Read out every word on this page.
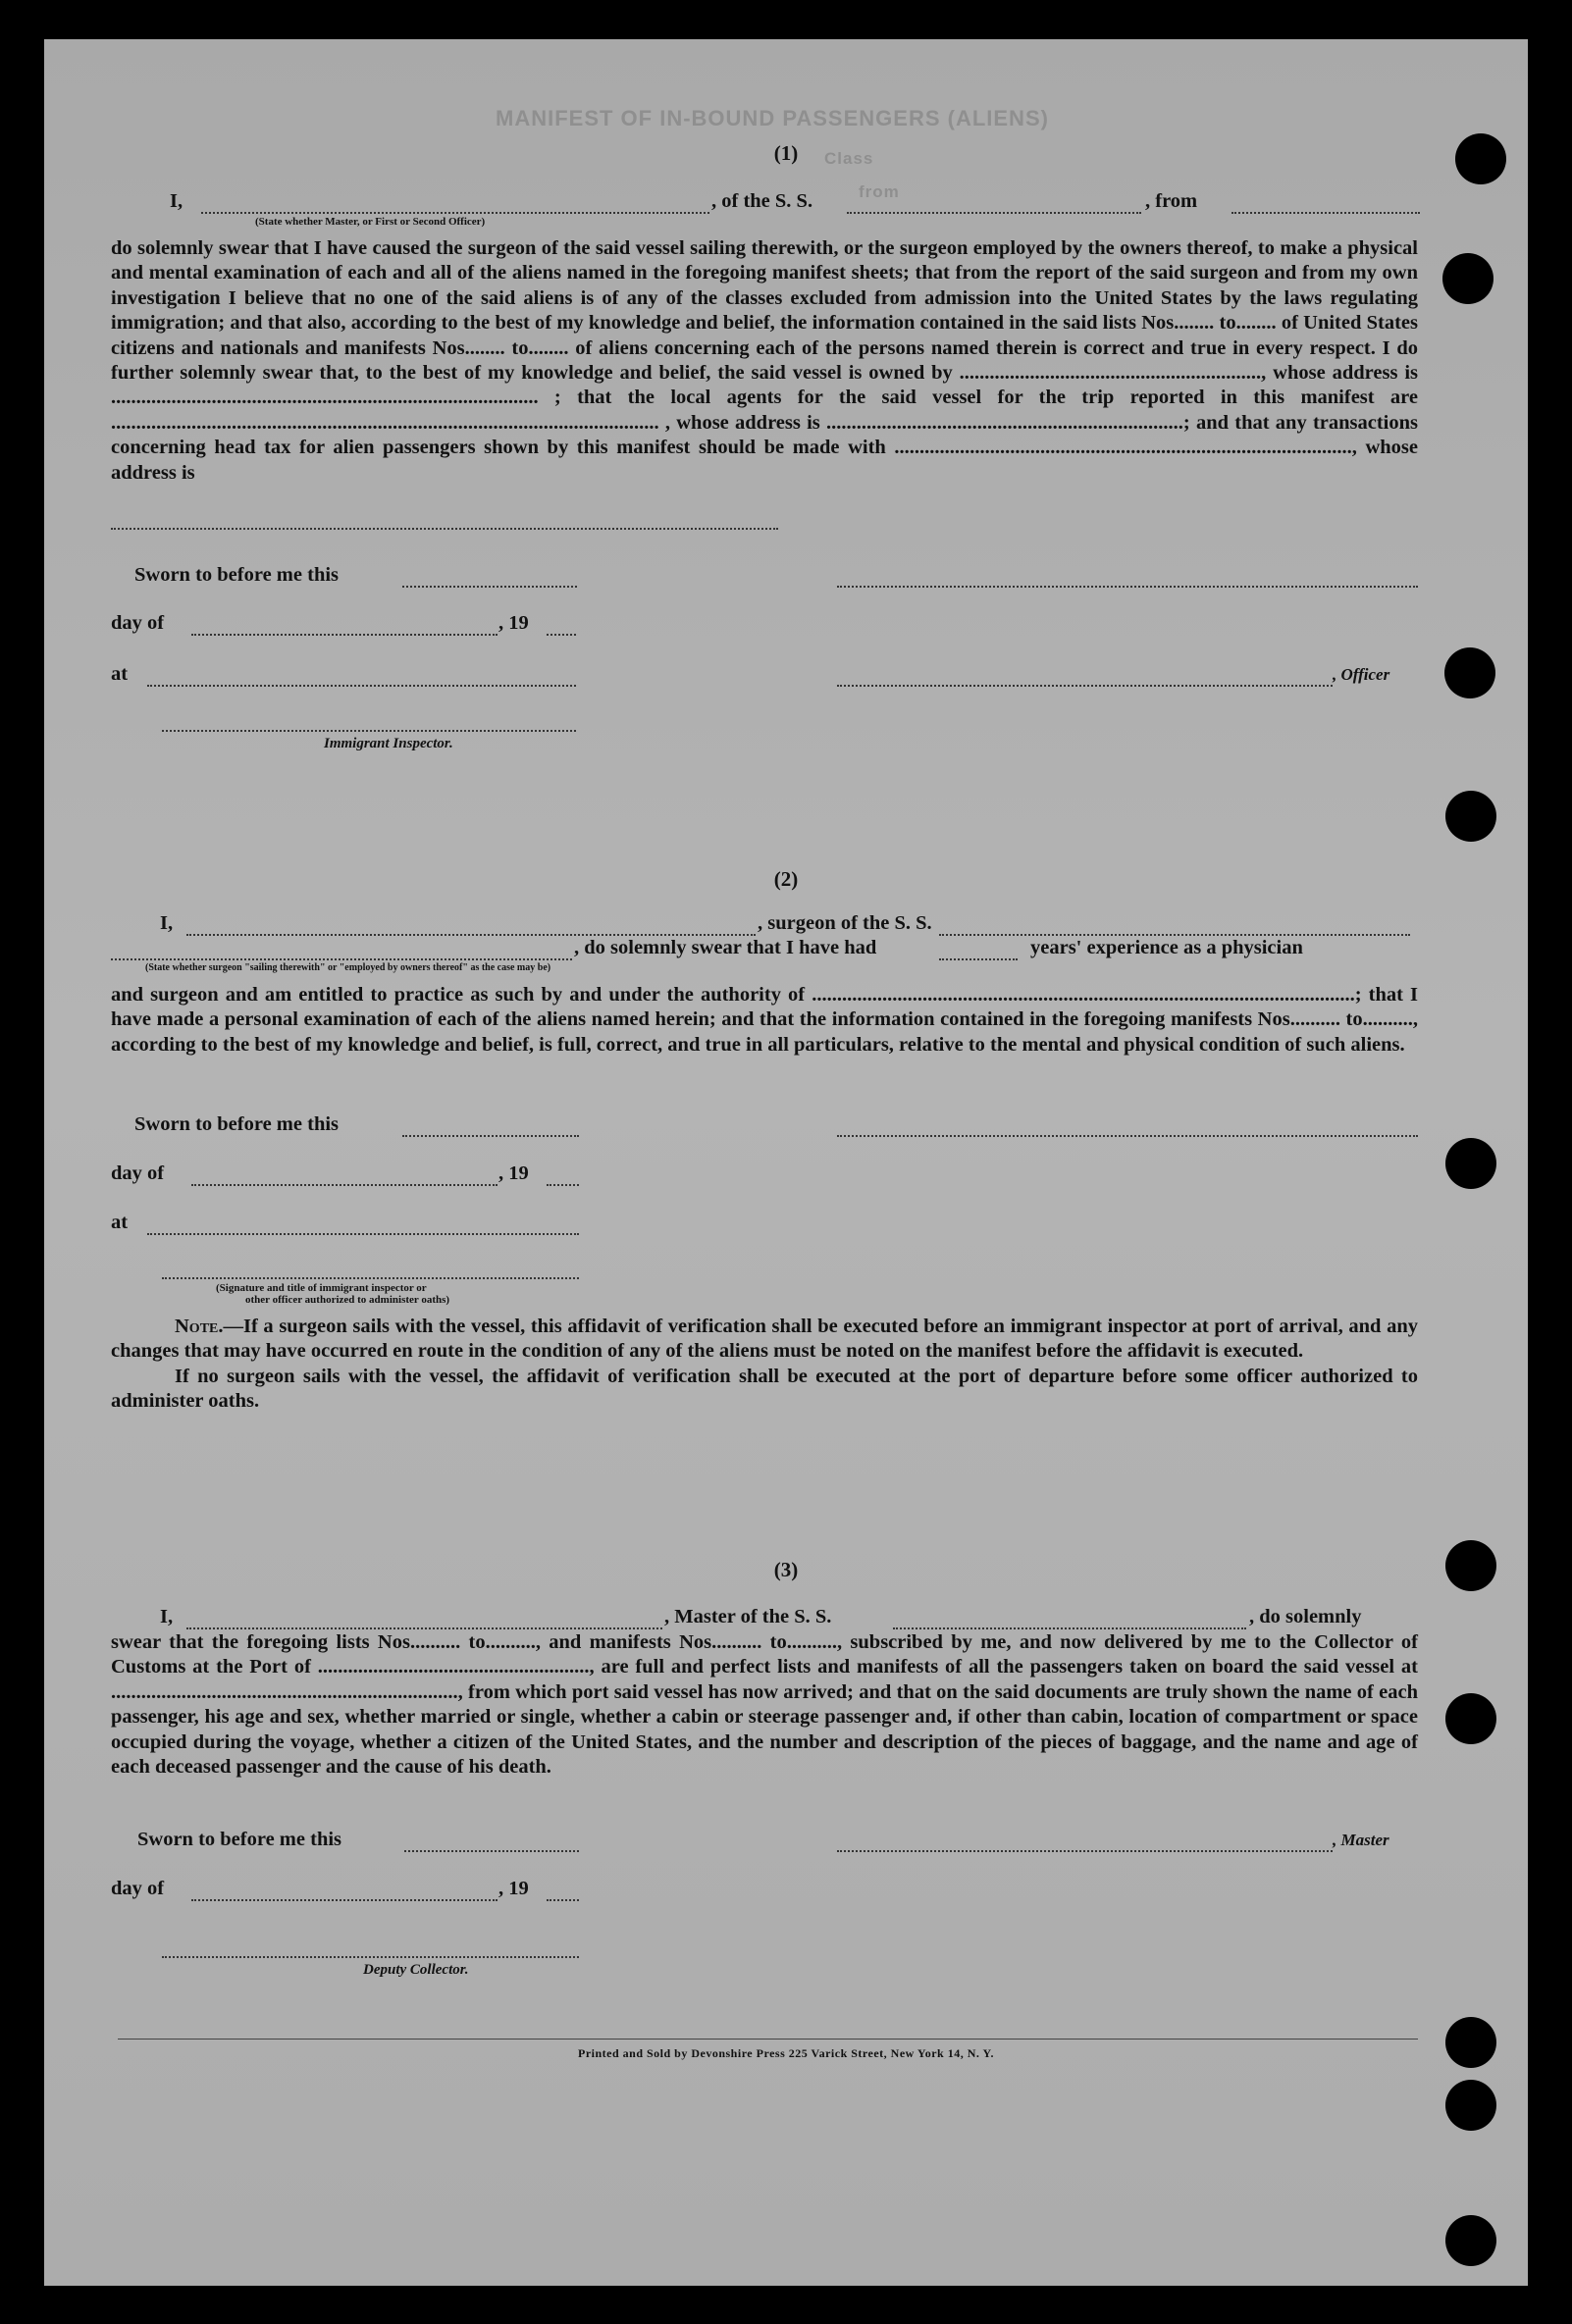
MANIFEST OF IN-BOUND PASSENGERS (ALIENS)
Class
from
(1)
I,	, of the S. S.	, from
(State whether Master, or First or Second Officer)

do solemnly swear that I have caused the surgeon of the said vessel sailing therewith, or the surgeon employed by the owners thereof, to make a physical and mental examination of each and all of the aliens named in the foregoing manifest sheets; that from the report of the said surgeon and from my own investigation I believe that no one of the said aliens is of any of the classes excluded from admission into the United States by the laws regulating immigration; and that also, according to the best of my knowledge and belief, the information contained in the said lists Nos........ to........ of United States citizens and nationals and manifests Nos........ to........ of aliens concerning each of the persons named therein is correct and true in every respect. I do further solemnly swear that, to the best of my knowledge and belief, the said vessel is owned by ............................................................, whose address is ..................................................................................... ; that the local agents for the said vessel for the trip reported in this manifest are ............................................................................................................. , whose address is .......................................................................; and that any transactions concerning head tax for alien passengers shown by this manifest should be made with ..........................................................................................., whose address is

Sworn to before me this
day of	, 19
at	, Officer
Immigrant Inspector.
(2)
I,	, surgeon of the S. S.
, do solemnly swear that I have had	years' experience as a physician
(State whether surgeon "sailing therewith" or "employed by owners thereof" as the case may be)

and surgeon and am entitled to practice as such by and under the authority of ............................................................................................................; that I have made a personal examination of each of the aliens named herein; and that the information contained in the foregoing manifests Nos.......... to.........., according to the best of my knowledge and belief, is full, correct, and true in all particulars, relative to the mental and physical condition of such aliens.

Sworn to before me this
day of	, 19
at
(Signature and title of immigrant inspector or
other officer authorized to administer oaths)

Note.—If a surgeon sails with the vessel, this affidavit of verification shall be executed before an immigrant inspector at port of arrival, and any changes that may have occurred en route in the condition of any of the aliens must be noted on the manifest before the affidavit is executed.

If no surgeon sails with the vessel, the affidavit of verification shall be executed at the port of departure before some officer authorized to administer oaths.

(3)
I,	, Master of the S. S.	, do solemnly

swear that the foregoing lists Nos.......... to.........., and manifests Nos.......... to.........., subscribed by me, and now delivered by me to the Collector of Customs at the Port of ......................................................, are full and perfect lists and manifests of all the passengers taken on board the said vessel at ....................................................................., from which port said vessel has now arrived; and that on the said documents are truly shown the name of each passenger, his age and sex, whether married or single, whether a cabin or steerage passenger and, if other than cabin, location of compartment or space occupied during the voyage, whether a citizen of the United States, and the number and description of the pieces of baggage, and the name and age of each deceased passenger and the cause of his death.

Sworn to before me this	, Master
day of	, 19
Deputy Collector.
Printed and Sold by Devonshire Press 225 Varick Street, New York 14, N. Y.
